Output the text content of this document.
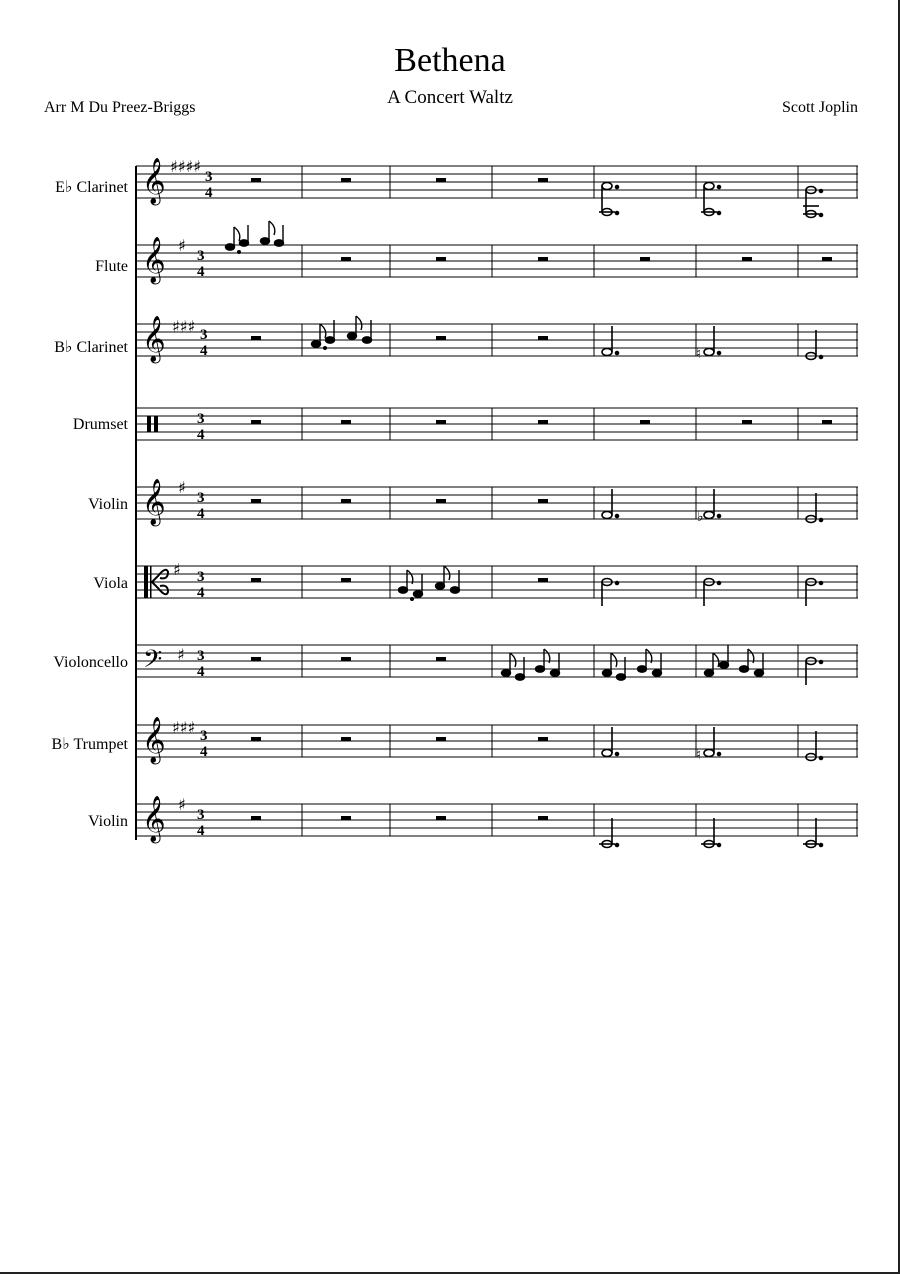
Bethena
A Concert Waltz
Arr M Du Preez-Briggs	Scott Joplin
E♭ Clarinet
Flute
B♭ Clarinet
Drumset
Violin
Viola
Violoncello
B♭ Trumpet
Violin
𝄞 ♯♯♯♯
3
4
𝄞 ♯
3
4
𝄞 ♯♯♯ 3
4	♮
3
4
𝄞 ♯
3
4	♭
♯ 3
4
𝄢 ♯ 3
4
𝄞 ♯♯♯ 3
4	♮
𝄞 ♯
3
4
